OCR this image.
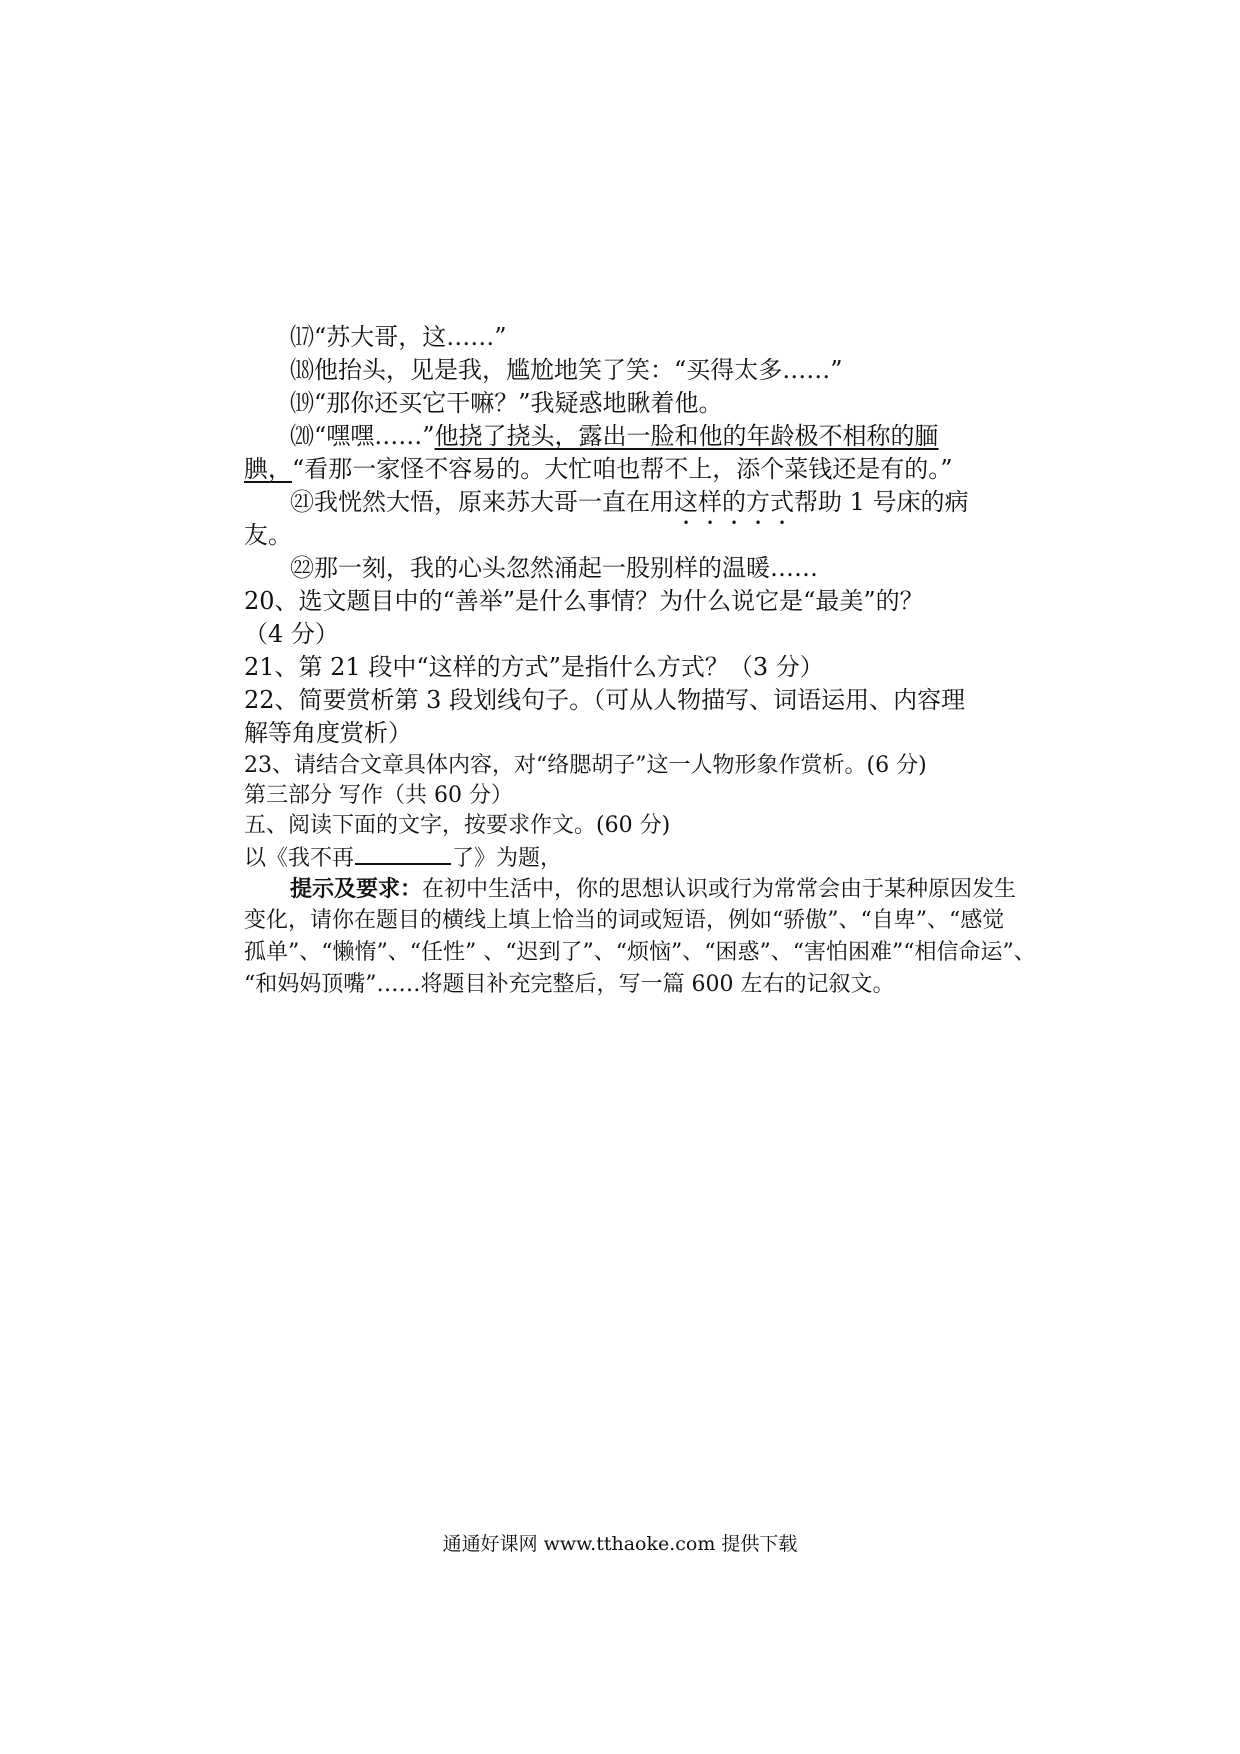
⒄“苏大哥，这……”
⒅他抬头，见是我，尴尬地笑了笑：“买得太多……”
⒆“那你还买它干嘛？”我疑惑地瞅着他。
⒇“嘿嘿……”他挠了挠头，露出一脸和他的年龄极不相称的腼
腆，“看那一家怪不容易的。大忙咱也帮不上，添个菜钱还是有的。”
㉑我恍然大悟，原来苏大哥一直在用这样的方式帮助 1 号床的病
友。
㉒那一刻，我的心头忽然涌起一股别样的温暖……
20、选文题目中的“善举”是什么事情？为什么说它是“最美”的？
（4 分）
21、第 21 段中“这样的方式”是指什么方式？（3 分）
22、简要赏析第 3 段划线句子。（可从人物描写、词语运用、内容理
解等角度赏析）
23、请结合文章具体内容，对“络腮胡子”这一人物形象作赏析。(6 分)
第三部分 写作（共 60 分）
五、阅读下面的文字，按要求作文。(60 分)
以《我不再	了》为题，
提示及要求：在初中生活中，你的思想认识或行为常常会由于某种原因发生
变化，请你在题目的横线上填上恰当的词或短语，例如“骄傲”、“自卑”、“感觉
孤单”、“懒惰”、“任性” 、“迟到了”、“烦恼”、“困惑”、“害怕困难”“相信命运”、
“和妈妈顶嘴”……将题目补充完整后，写一篇 600 左右的记叙文。
通通好课网 www.tthaoke.com 提供下载
